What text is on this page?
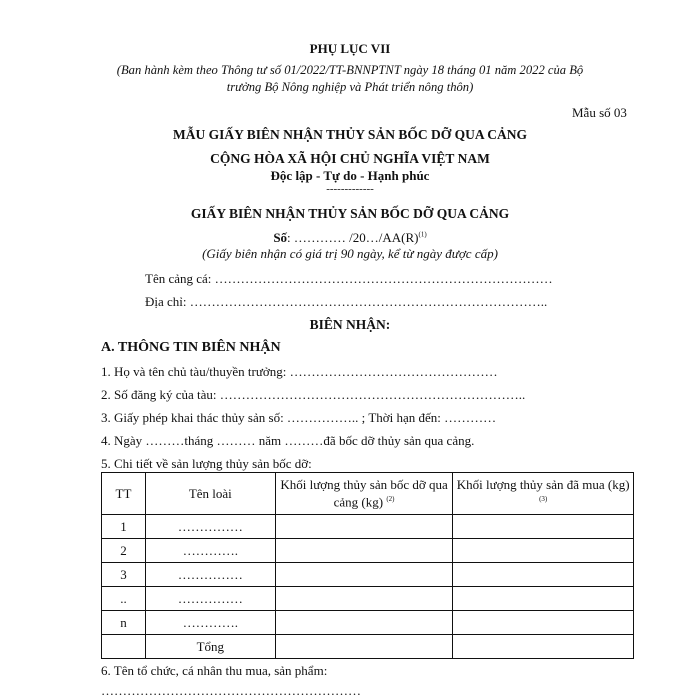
PHỤ LỤC VII
(Ban hành kèm theo Thông tư số 01/2022/TT-BNNPTNT ngày 18 tháng 01 năm 2022 của Bộ
trưởng Bộ Nông nghiệp và Phát triển nông thôn)
Mẫu số 03
MẪU GIẤY BIÊN NHẬN THỦY SẢN BỐC DỠ QUA CẢNG
CỘNG HÒA XÃ HỘI CHỦ NGHĨA VIỆT NAM
Độc lập - Tự do - Hạnh phúc
-------------
GIẤY BIÊN NHẬN THỦY SẢN BỐC DỠ QUA CẢNG
Số: ………… $/20\dots/AA(R)^{(1)}$
(Giấy biên nhận có giá trị 90 ngày, kể từ ngày được cấp)
Tên cảng cá: ……………………………………………………………………
Địa chỉ: ………………………………………………………………………..
BIÊN NHẬN:
A. THÔNG TIN BIÊN NHẬN
1. Họ và tên chủ tàu/thuyền trưởng: …………………………………………
2. Số đăng ký của tàu: ……………………………………………………………..
3. Giấy phép khai thác thủy sản số: …………….. ; Thời hạn đến: …………
4. Ngày ………tháng ……… năm ………đã bốc dỡ thủy sản qua cảng.
5. Chi tiết về sản lượng thủy sản bốc dỡ:
TT	Tên loài	Khối lượng thủy sản bốc dỡ qua cảng (kg) $^{(2)}$	Khối lượng thủy sản đã mua (kg)$^{(3)}$
1	……………		
2	………….		
3	……………		
..	……………		
n	………….		
	Tổng		
6. Tên tổ chức, cá nhân thu mua, sản phẩm:
……………………………………………………
